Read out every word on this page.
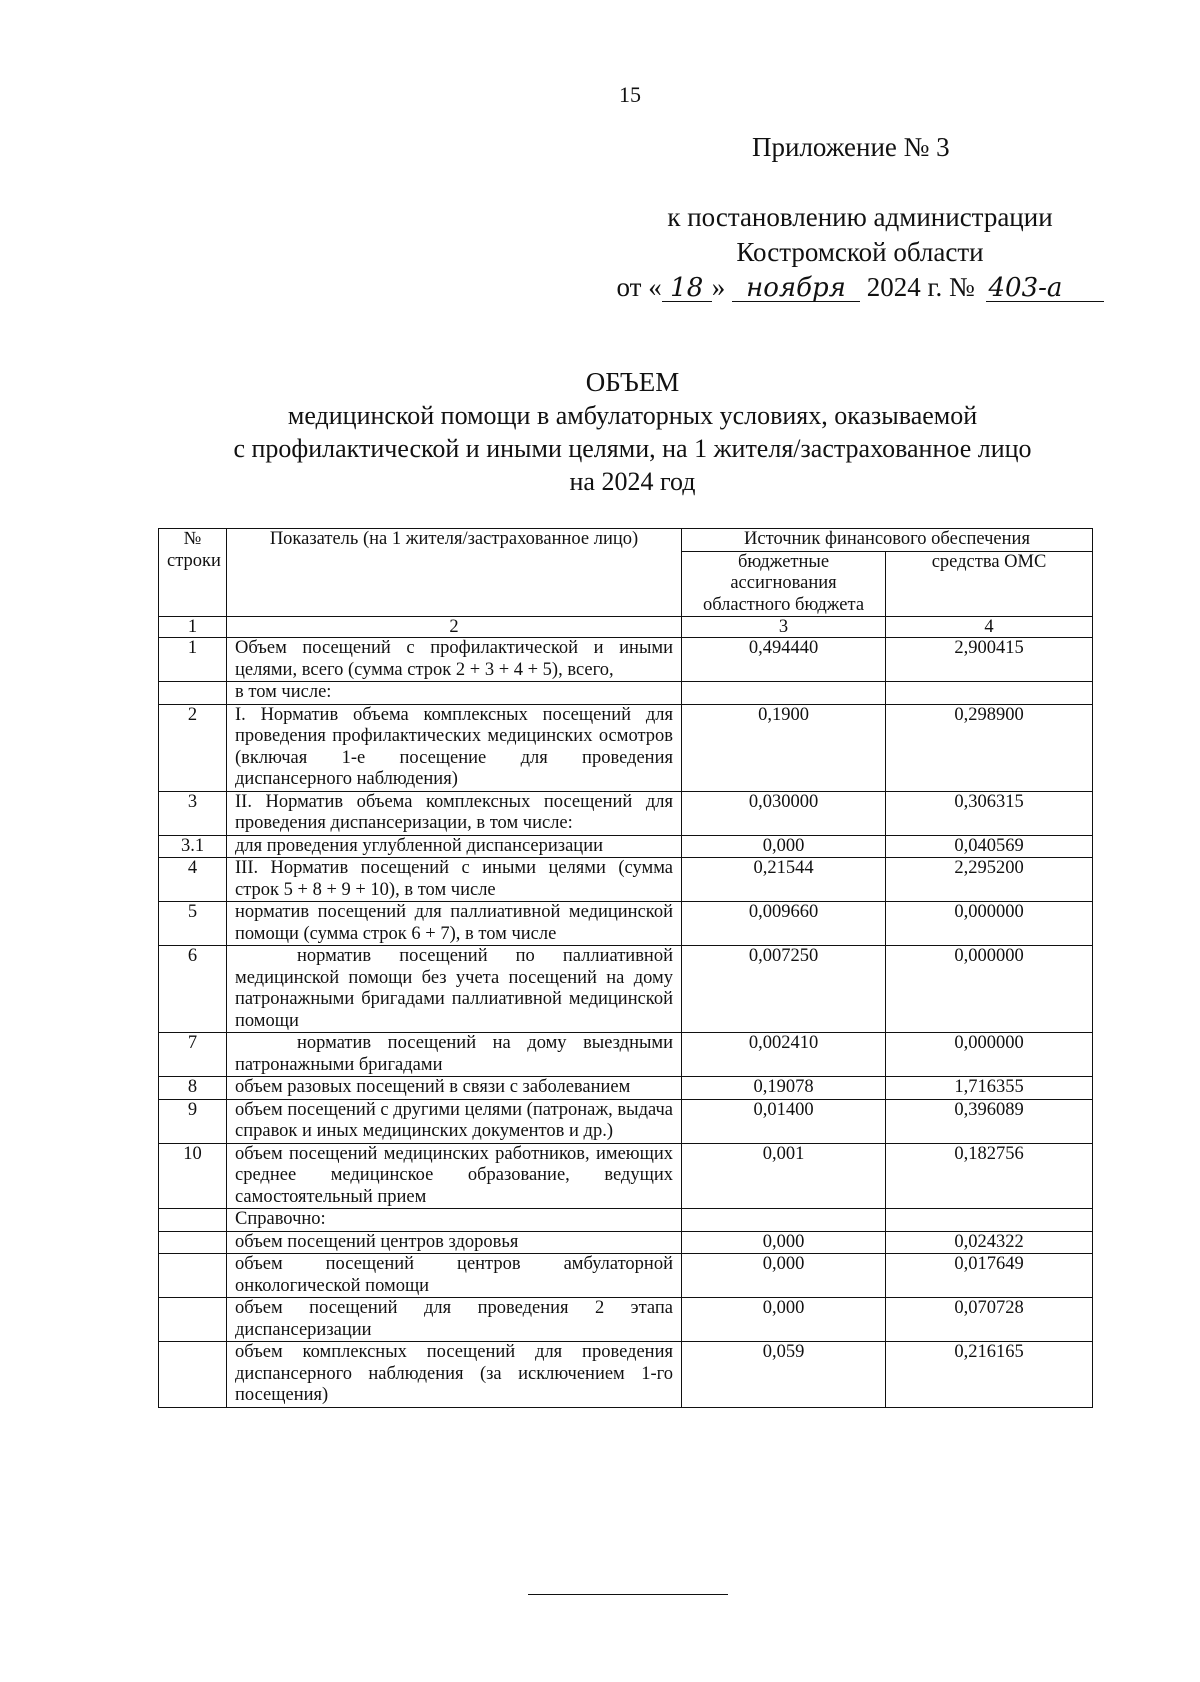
15
Приложение № 3
к постановлению администрации
Костромской области
от « 18 » ноября 2024 г. № 403-а
ОБЪЕМ
медицинской помощи в амбулаторных условиях, оказываемой
с профилактической и иными целями, на 1 жителя/застрахованное лицо
на 2024 год
№ строки	Показатель (на 1 жителя/застрахованное лицо)	Источник финансового обеспечения	
		бюджетные ассигнования областного бюджета	средства ОМС
1	2	3	4
1	Объем посещений с профилактической и иными целями, всего (сумма строк 2 + 3 + 4 + 5), всего,	0,494440	2,900415
	в том числе:		
2	I. Норматив объема комплексных посещений для проведения профилактических медицинских осмотров (включая 1-е посещение для проведения диспансерного наблюдения)	0,1900	0,298900
3	II. Норматив объема комплексных посещений для проведения диспансеризации, в том числе:	0,030000	0,306315
3.1	для проведения углубленной диспансеризации	0,000	0,040569
4	III. Норматив посещений с иными целями (сумма строк 5 + 8 + 9 + 10), в том числе	0,21544	2,295200
5	норматив посещений для паллиативной медицинской помощи (сумма строк 6 + 7), в том числе	0,009660	0,000000
6	норматив посещений по паллиативной медицинской помощи без учета посещений на дому патронажными бригадами паллиативной медицинской помощи	0,007250	0,000000
7	норматив посещений на дому выездными патронажными бригадами	0,002410	0,000000
8	объем разовых посещений в связи с заболеванием	0,19078	1,716355
9	объем посещений с другими целями (патронаж, выдача справок и иных медицинских документов и др.)	0,01400	0,396089
10	объем посещений медицинских работников, имеющих среднее медицинское образование, ведущих самостоятельный прием	0,001	0,182756
	Справочно:		
	объем посещений центров здоровья	0,000	0,024322
	объем посещений центров амбулаторной онкологической помощи	0,000	0,017649
	объем посещений для проведения 2 этапа диспансеризации	0,000	0,070728
	объем комплексных посещений для проведения диспансерного наблюдения (за исключением 1-го посещения)	0,059	0,216165
